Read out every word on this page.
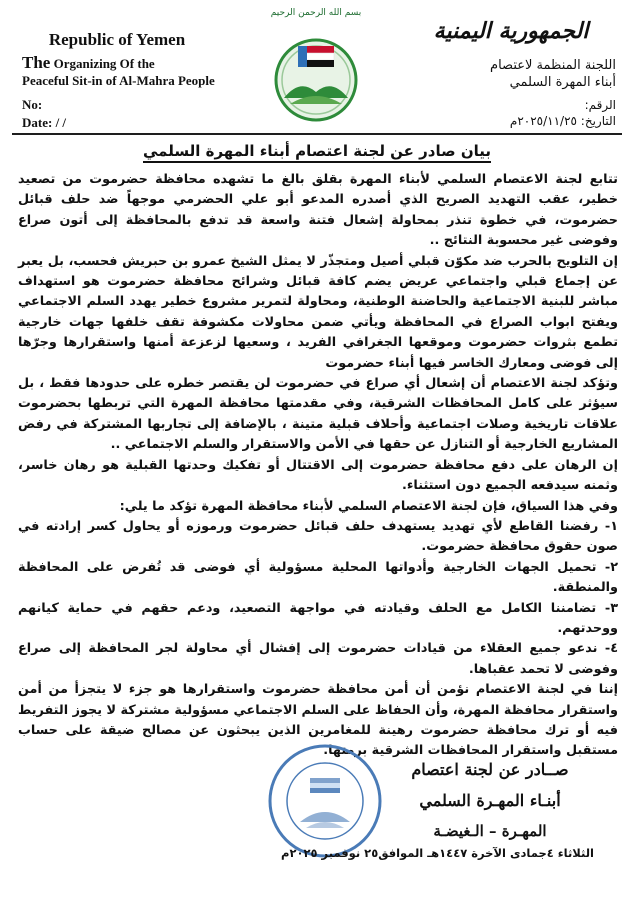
Republic of Yemen
The Organizing Of the
Peaceful Sit-in of Al-Mahra People
No:
Date: / /
بسم الله الرحمن الرحيم
الجمهورية اليمنية
اللجنة المنظمة لاعتصام
أبناء المهرة السلمي
الرقم:
التاريخ: ٢٠٢٥/١١/٢٥م
بيان صادر عن لجنة اعتصام أبناء المهرة السلمي

تتابع لجنة الاعتصام السلمي لأبناء المهرة بقلق بالغ ما تشهده محافظة حضرموت من تصعيد خطير، عقب التهديد الصريح الذي أصدره المدعو أبو علي الحضرمي موجهاً ضد حلف قبائل حضرموت، في خطوة تنذر بمحاولة إشعال فتنة واسعة قد تدفع بالمحافظة إلى أتون صراع وفوضى غير محسوبة النتائج ..

إن التلويح بالحرب ضد مكوّن قبلي أصيل ومتجذّر لا يمثل الشيخ عمرو بن حبريش فحسب، بل يعبر عن إجماع قبلي واجتماعي عريض يضم كافة قبائل وشرائح محافظة حضرموت هو استهداف مباشر للبنية الاجتماعية والحاضنة الوطنية، ومحاولة لتمرير مشروع خطير يهدد السلم الاجتماعي ويفتح ابواب الصراع في المحافظة ويأتي ضمن محاولات مكشوفة تقف خلفها جهات خارجية تطمع بثروات حضرموت وموقعها الجغرافي الفريد ، وسعيها لزعزعة أمنها واستقرارها وجرّها إلى فوضى ومعارك الخاسر فيها أبناء حضرموت

وتؤكد لجنة الاعتصام أن إشعال أي صراع في حضرموت لن يقتصر خطره على حدودها فقط ، بل سيؤثر على كامل المحافظات الشرقية، وفي مقدمتها محافظة المهرة التي تربطها بحضرموت علاقات تاريخية وصلات اجتماعية وأحلاف قبلية متينة ، بالإضافة إلى تجاربها المشتركة في رفض المشاريع الخارجية أو التنازل عن حقها في الأمن والاستقرار والسلم الاجتماعي ..

إن الرهان على دفع محافظة حضرموت إلى الاقتتال أو تفكيك وحدتها القبلية هو رهان خاسر، وثمنه سيدفعه الجميع دون استثناء.

وفي هذا السياق، فإن لجنة الاعتصام السلمي لأبناء محافظة المهرة تؤكد ما يلي:

١- رفضنا القاطع لأي تهديد يستهدف حلف قبائل حضرموت ورموزه أو يحاول كسر إرادته في صون حقوق محافظة حضرموت.

٢- تحميل الجهات الخارجية وأدواتها المحلية مسؤولية أي فوضى قد تُفرض على المحافظة والمنطقة.

٣- تضامننا الكامل مع الحلف وقيادته في مواجهة التصعيد، ودعم حقهم في حماية كيانهم ووحدتهم.

٤- ندعو جميع العقلاء من قيادات حضرموت إلى إفشال أي محاولة لجر المحافظة إلى صراع وفوضى لا تحمد عقباها.

إننا في لجنة الاعتصام نؤمن أن أمن محافظة حضرموت واستقرارها هو جزء لا يتجزأ من أمن واستقرار محافظة المهرة، وأن الحفاظ على السلم الاجتماعي مسؤولية مشتركة لا يجوز التفريط فيه أو ترك محافظة حضرموت رهينة للمغامرين الذين يبحثون عن مصالح ضيقة على حساب مستقبل واستقرار المحافظات الشرقية برمتها.

صــادر عن لجنة اعتصام
أبنـاء المهـرة السلمي
المهـرة – الـغيضـة
الثلاثاء ٤جمادى الآخرة ١٤٤٧هـ الموافق٢٥ نوفمبر ٢٠٢٥م
